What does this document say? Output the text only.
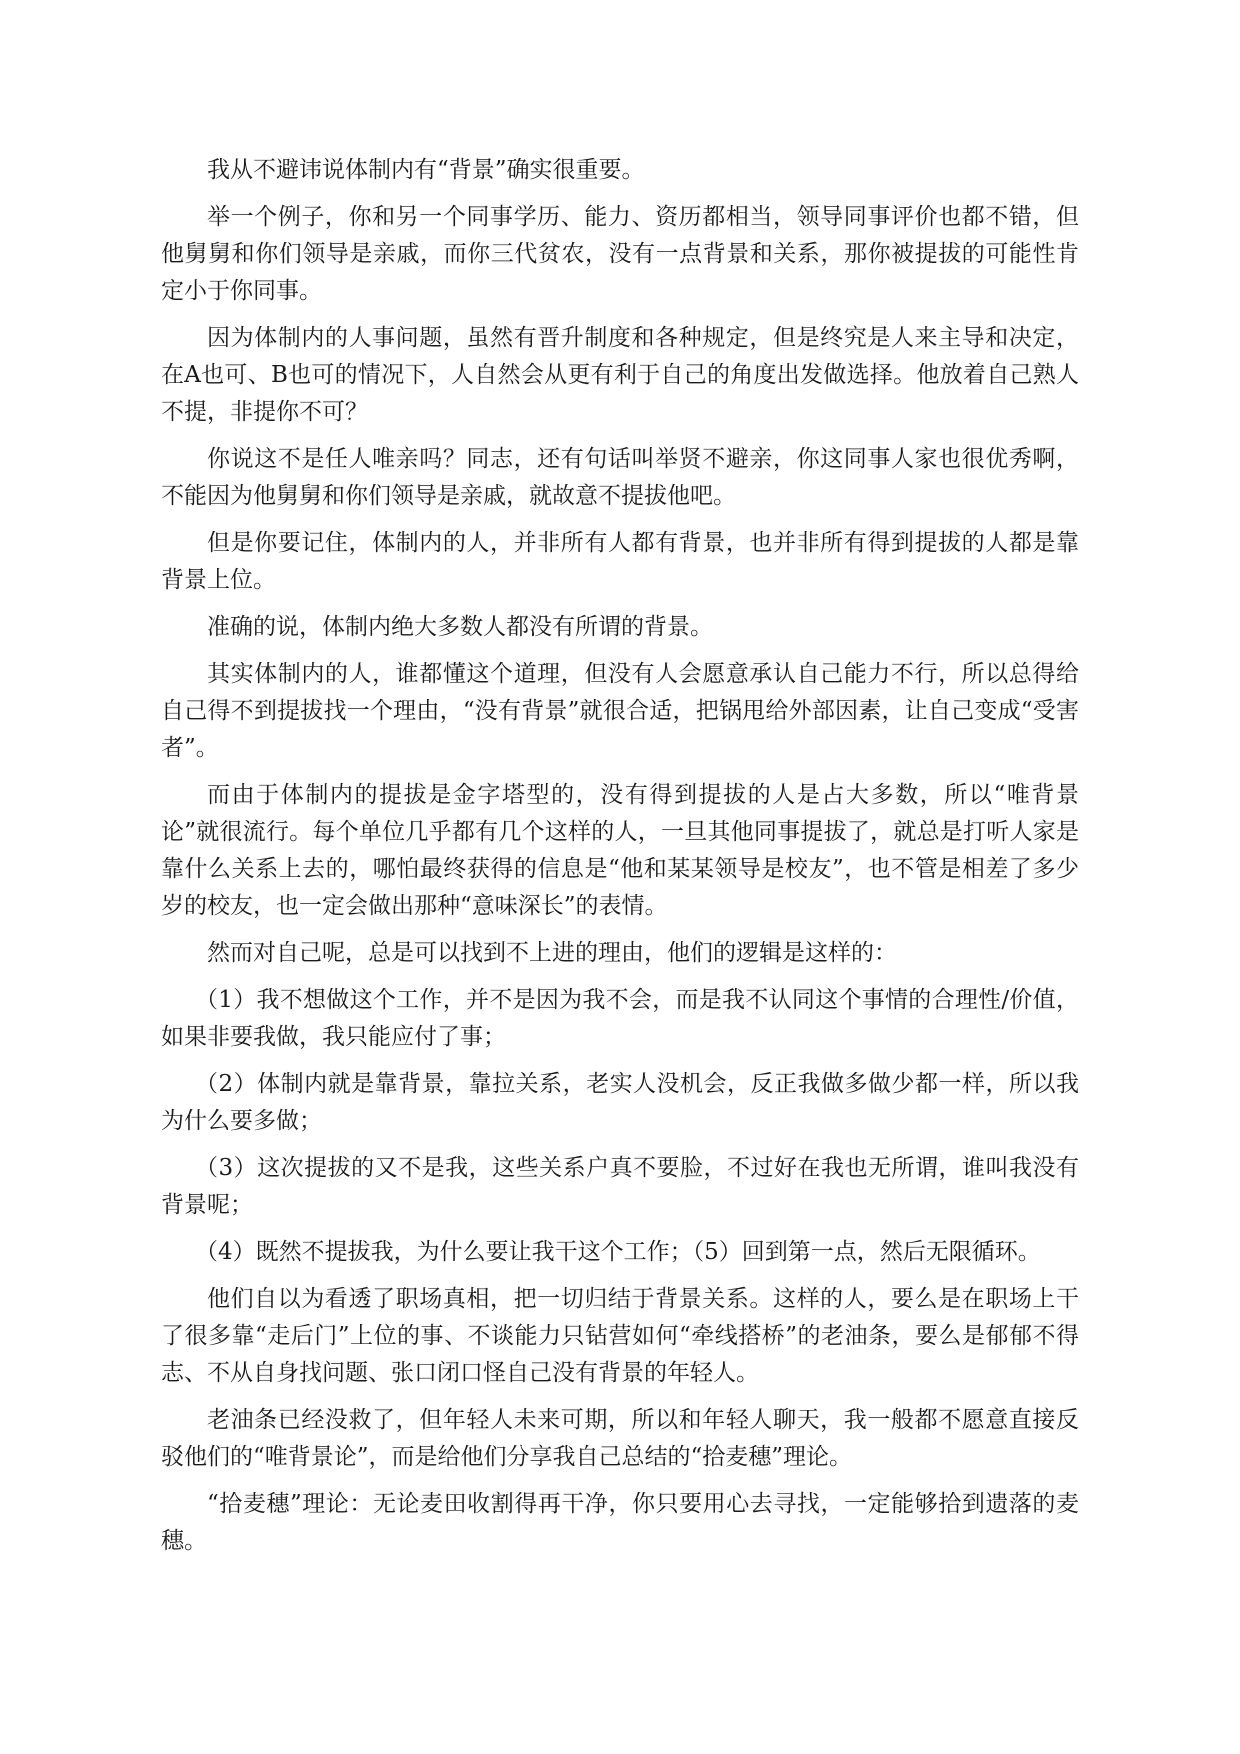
我从不避讳说体制内有“背景”确实很重要。

举一个例子，你和另一个同事学历、能力、资历都相当，领导同事评价也都不错，但他舅舅和你们领导是亲戚，而你三代贫农，没有一点背景和关系，那你被提拔的可能性肯定小于你同事。

因为体制内的人事问题，虽然有晋升制度和各种规定，但是终究是人来主导和决定，在A也可、B也可的情况下，人自然会从更有利于自己的角度出发做选择。他放着自己熟人不提，非提你不可？

你说这不是任人唯亲吗？同志，还有句话叫举贤不避亲，你这同事人家也很优秀啊，不能因为他舅舅和你们领导是亲戚，就故意不提拔他吧。

但是你要记住，体制内的人，并非所有人都有背景，也并非所有得到提拔的人都是靠背景上位。

准确的说，体制内绝大多数人都没有所谓的背景。

其实体制内的人，谁都懂这个道理，但没有人会愿意承认自己能力不行，所以总得给自己得不到提拔找一个理由，“没有背景”就很合适，把锅甩给外部因素，让自己变成“受害者”。

而由于体制内的提拔是金字塔型的，没有得到提拔的人是占大多数，所以“唯背景论”就很流行。每个单位几乎都有几个这样的人，一旦其他同事提拔了，就总是打听人家是靠什么关系上去的，哪怕最终获得的信息是“他和某某领导是校友”，也不管是相差了多少岁的校友，也一定会做出那种“意味深长”的表情。

然而对自己呢，总是可以找到不上进的理由，他们的逻辑是这样的：

（1）我不想做这个工作，并不是因为我不会，而是我不认同这个事情的合理性/价值，如果非要我做，我只能应付了事；

（2）体制内就是靠背景，靠拉关系，老实人没机会，反正我做多做少都一样，所以我为什么要多做；

（3）这次提拔的又不是我，这些关系户真不要脸，不过好在我也无所谓，谁叫我没有背景呢；

（4）既然不提拔我，为什么要让我干这个工作；（5）回到第一点，然后无限循环。

他们自以为看透了职场真相，把一切归结于背景关系。这样的人，要么是在职场上干了很多靠“走后门”上位的事、不谈能力只钻营如何“牵线搭桥”的老油条，要么是郁郁不得志、不从自身找问题、张口闭口怪自己没有背景的年轻人。

老油条已经没救了，但年轻人未来可期，所以和年轻人聊天，我一般都不愿意直接反驳他们的“唯背景论”，而是给他们分享我自己总结的“拾麦穗”理论。

“拾麦穗”理论：无论麦田收割得再干净，你只要用心去寻找，一定能够拾到遗落的麦穗。
